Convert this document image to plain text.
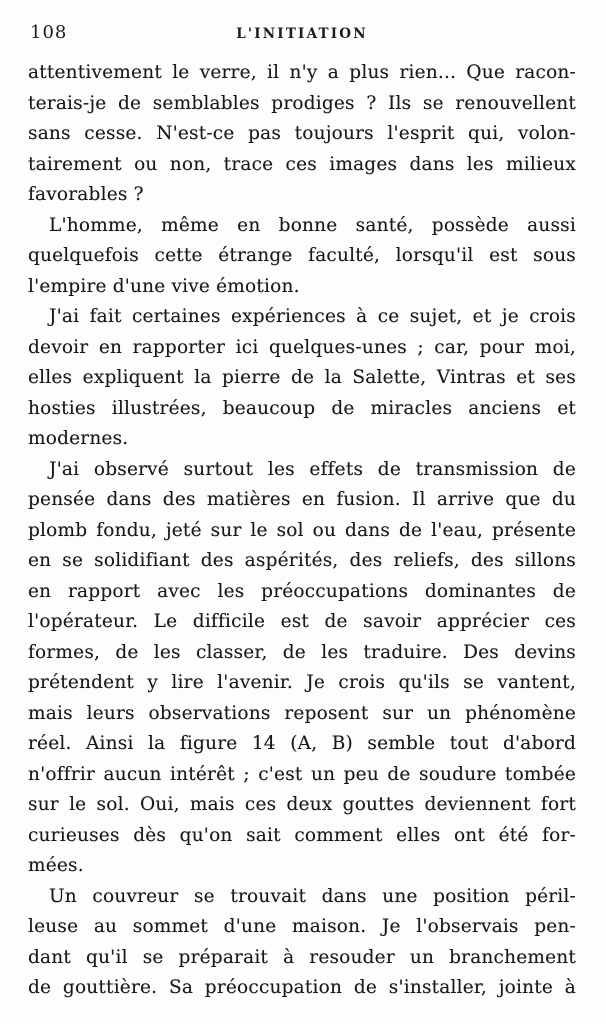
108	L'INITIATION
attentivement le verre, il n'y a plus rien... Que racon-
terais-je de semblables prodiges ? Ils se renouvellent
sans cesse. N'est-ce pas toujours l'esprit qui, volon-
tairement ou non, trace ces images dans les milieux
favorables ?
L'homme, même en bonne santé, possède aussi
quelquefois cette étrange faculté, lorsqu'il est sous
l'empire d'une vive émotion.
J'ai fait certaines expériences à ce sujet, et je crois
devoir en rapporter ici quelques-unes ; car, pour moi,
elles expliquent la pierre de la Salette, Vintras et ses
hosties illustrées, beaucoup de miracles anciens et
modernes.
J'ai observé surtout les effets de transmission de
pensée dans des matières en fusion. Il arrive que du
plomb fondu, jeté sur le sol ou dans de l'eau, présente
en se solidifiant des aspérités, des reliefs, des sillons
en rapport avec les préoccupations dominantes de
l'opérateur. Le difficile est de savoir apprécier ces
formes, de les classer, de les traduire. Des devins
prétendent y lire l'avenir. Je crois qu'ils se vantent,
mais leurs observations reposent sur un phénomène
réel. Ainsi la figure 14 (A, B) semble tout d'abord
n'offrir aucun intérêt ; c'est un peu de soudure tombée
sur le sol. Oui, mais ces deux gouttes deviennent fort
curieuses dès qu'on sait comment elles ont été for-
mées.
Un couvreur se trouvait dans une position péril-
leuse au sommet d'une maison. Je l'observais pen-
dant qu'il se préparait à resouder un branchement
de gouttière. Sa préoccupation de s'installer, jointe à
